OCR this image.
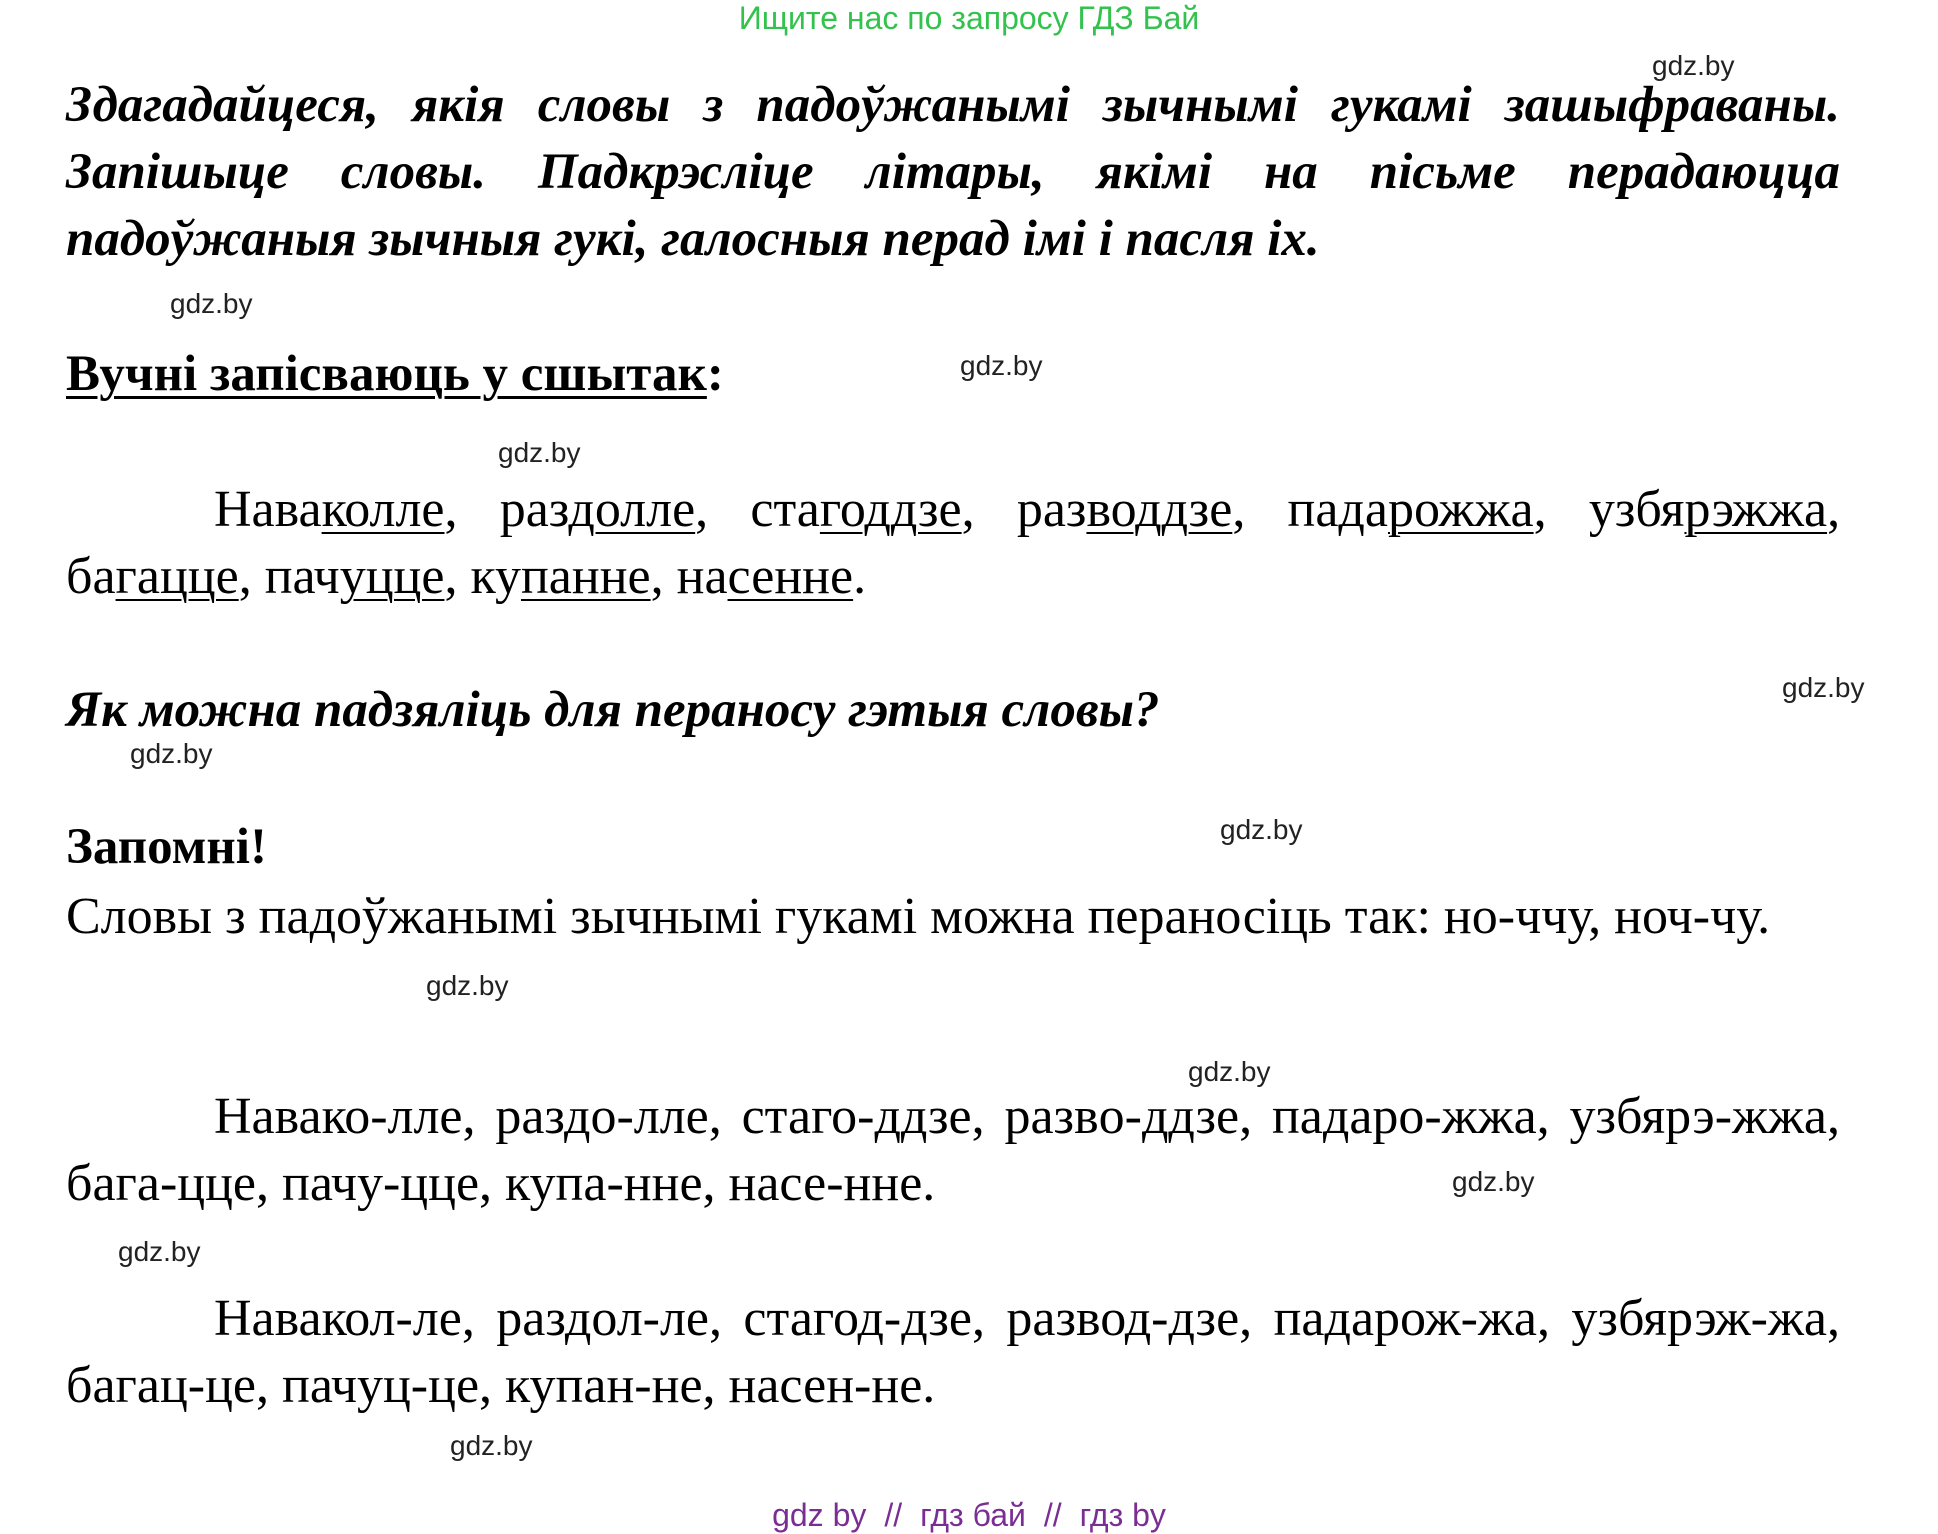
Ищите нас по запросу ГДЗ Бай
Здагадайцеся, якія словы з падоўжанымі зычнымі гукамі зашыфраваны. Запішыце словы. Падкрэсліце літары, якімі на пісьме перадаюцца падоўжаныя зычныя гукі, галосныя перад імі і пасля іх.
Вучні запісваюць у сшытак:
Наваколле, раздолле, стагоддзе, разводдзе, падарожжа, узбярэжжа, багацце, пачуцце, купанне, насенне.
Як можна падзяліць для пераносу гэтыя словы?
Запомні!
Словы з падоўжанымі зычнымі гукамі можна пераносіць так: но-ччу, ноч-чу.
Навако-лле, раздо-лле, стаго-ддзе, развo-ддзе, падаро-жжа, узбярэ-жжа, бага-цце, пачу-цце, купа-нне, насе-нне.
Навакол-ле, раздол-ле, стагод-дзе, развод-дзе, падарож-жа, узбярэж-жа, багац-це, пачуц-це, купан-не, насен-не.
gdz.by
gdz.by
gdz.by
gdz.by
gdz.by
gdz.by
gdz.by
gdz.by
gdz.by
gdz.by
gdz.by
gdz.by
gdz by // гдз бай // гдз by
